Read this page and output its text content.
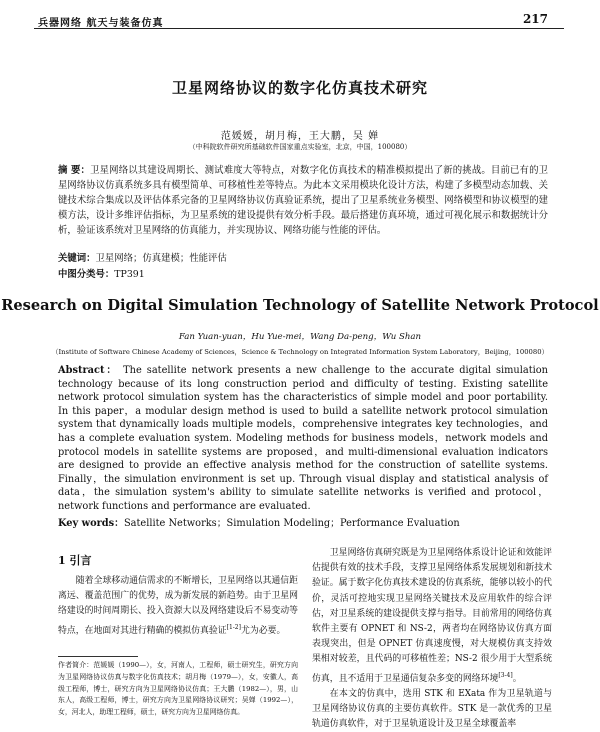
兵器网络 航天与装备仿真	217
卫星网络协议的数字化仿真技术研究
范媛媛，胡月梅，王大鹏，吴 婵
（中科院软件研究所基础软件国家重点实验室，北京，中国，100080）
摘 要：卫星网络以其建设周期长、测试难度大等特点，对数字化仿真技术的精准模拟提出了新的挑战。目前已有的卫星网络协议仿真系统多具有模型简单、可移植性差等特点。为此本文采用模块化设计方法，构建了多模型动态加载、关键技术综合集成以及评估体系完备的卫星网络协议仿真验证系统，提出了卫星系统业务模型、网络模型和协议模型的建模方法，设计多维评估指标，为卫星系统的建设提供有效分析手段。最后搭建仿真环境，通过可视化展示和数据统计分析，验证该系统对卫星网络的仿真能力，并实现协议、网络功能与性能的评估。
关键词：卫星网络；仿真建模；性能评估
中图分类号：TP391
Research on Digital Simulation Technology of Satellite Network Protocol
Fan Yuan-yuan，Hu Yue-mei，Wang Da-peng，Wu Shan
（Institute of Software Chinese Academy of Sciences，Science & Technology on Integrated Information System Laboratory，Beijing，100080）
Abstract： The satellite network presents a new challenge to the accurate digital simulation technology because of its long construction period and difficulty of testing. Existing satellite network protocol simulation system has the characteristics of simple model and poor portability. In this paper，a modular design method is used to build a satellite network protocol simulation system that dynamically loads multiple models，comprehensive integrates key technologies，and has a complete evaluation system. Modeling methods for business models，network models and protocol models in satellite systems are proposed，and multi-dimensional evaluation indicators are designed to provide an effective analysis method for the construction of satellite systems. Finally，the simulation environment is set up. Through visual display and statistical analysis of data，the simulation system's ability to simulate satellite networks is verified and protocol，network functions and performance are evaluated.
Key words：Satellite Networks；Simulation Modeling；Performance Evaluation
1 引言

随着全球移动通信需求的不断增长，卫星网络以其通信距离远、覆盖范围广的优势，成为新发展的新趋势。由于卫星网络建设的时间周期长、投入资源大以及网络建设后不易变动等特点，在地面对其进行精确的模拟仿真验证[1-2]尤为必要。

作者简介：范媛媛（1990—），女，河南人，工程师，硕士研究生，研究方向为卫星网络协议仿真与数字化仿真技术；胡月梅（1979—），女，安徽人，高级工程师，博士，研究方向为卫星网络协议仿真；王大鹏（1982—），男，山东人，高级工程师，博士，研究方向为卫星网络协议研究；吴婵（1992—），女，河北人，助理工程师，硕士，研究方向为卫星网络仿真。

卫星网络仿真研究既是为卫星网络体系设计论证和效能评估提供有效的技术手段，支撑卫星网络体系发展规划和新技术验证。属于数字化仿真技术建设的仿真系统，能够以较小的代价，灵活可控地实现卫星网络关键技术及应用软件的综合评估，对卫星系统的建设提供支撑与指导。目前常用的网络仿真软件主要有 OPNET 和 NS-2，两者均在网络协议仿真方面表现突出，但是 OPNET 仿真速度慢，对大规模仿真支持效果相对较差，且代码的可移植性差；NS-2 很少用于大型系统仿真，且不适用于卫星通信复杂多变的网络环境[3-4]。

在本文的仿真中，选用 STK 和 EXata 作为卫星轨道与卫星网络协议仿真的主要仿真软件。STK 是一款优秀的卫星轨道仿真软件，对于卫星轨道设计及卫星全球覆盖率
